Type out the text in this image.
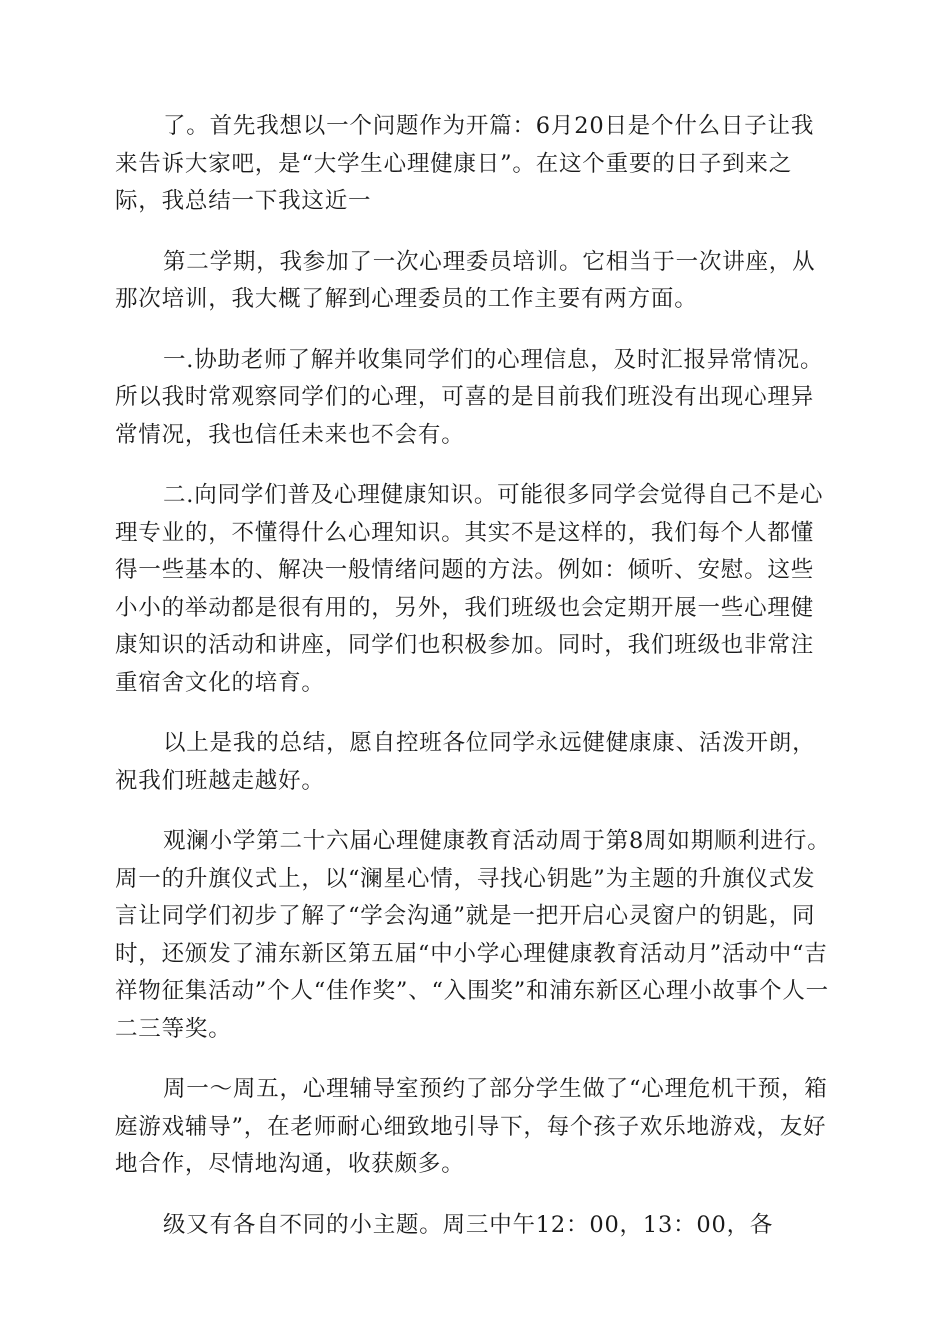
了。首先我想以一个问题作为开篇：6月20日是个什么日子让我来告诉大家吧，是“大学生心理健康日”。在这个重要的日子到来之际，我总结一下我这近一

第二学期，我参加了一次心理委员培训。它相当于一次讲座，从那次培训，我大概了解到心理委员的工作主要有两方面。

一.协助老师了解并收集同学们的心理信息，及时汇报异常情况。所以我时常观察同学们的心理，可喜的是目前我们班没有出现心理异常情况，我也信任未来也不会有。

二.向同学们普及心理健康知识。可能很多同学会觉得自己不是心理专业的，不懂得什么心理知识。其实不是这样的，我们每个人都懂得一些基本的、解决一般情绪问题的方法。例如：倾听、安慰。这些小小的举动都是很有用的，另外，我们班级也会定期开展一些心理健康知识的活动和讲座，同学们也积极参加。同时，我们班级也非常注重宿舍文化的培育。

以上是我的总结，愿自控班各位同学永远健健康康、活泼开朗，祝我们班越走越好。

观澜小学第二十六届心理健康教育活动周于第8周如期顺利进行。周一的升旗仪式上，以“澜星心情，寻找心钥匙”为主题的升旗仪式发言让同学们初步了解了“学会沟通”就是一把开启心灵窗户的钥匙，同时，还颁发了浦东新区第五届“中小学心理健康教育活动月”活动中“吉祥物征集活动”个人“佳作奖”、“入围奖”和浦东新区心理小故事个人一二三等奖。

周一～周五，心理辅导室预约了部分学生做了“心理危机干预，箱庭游戏辅导”，在老师耐心细致地引导下，每个孩子欢乐地游戏，友好地合作，尽情地沟通，收获颇多。

级又有各自不同的小主题。周三中午12：00，13：00，各
